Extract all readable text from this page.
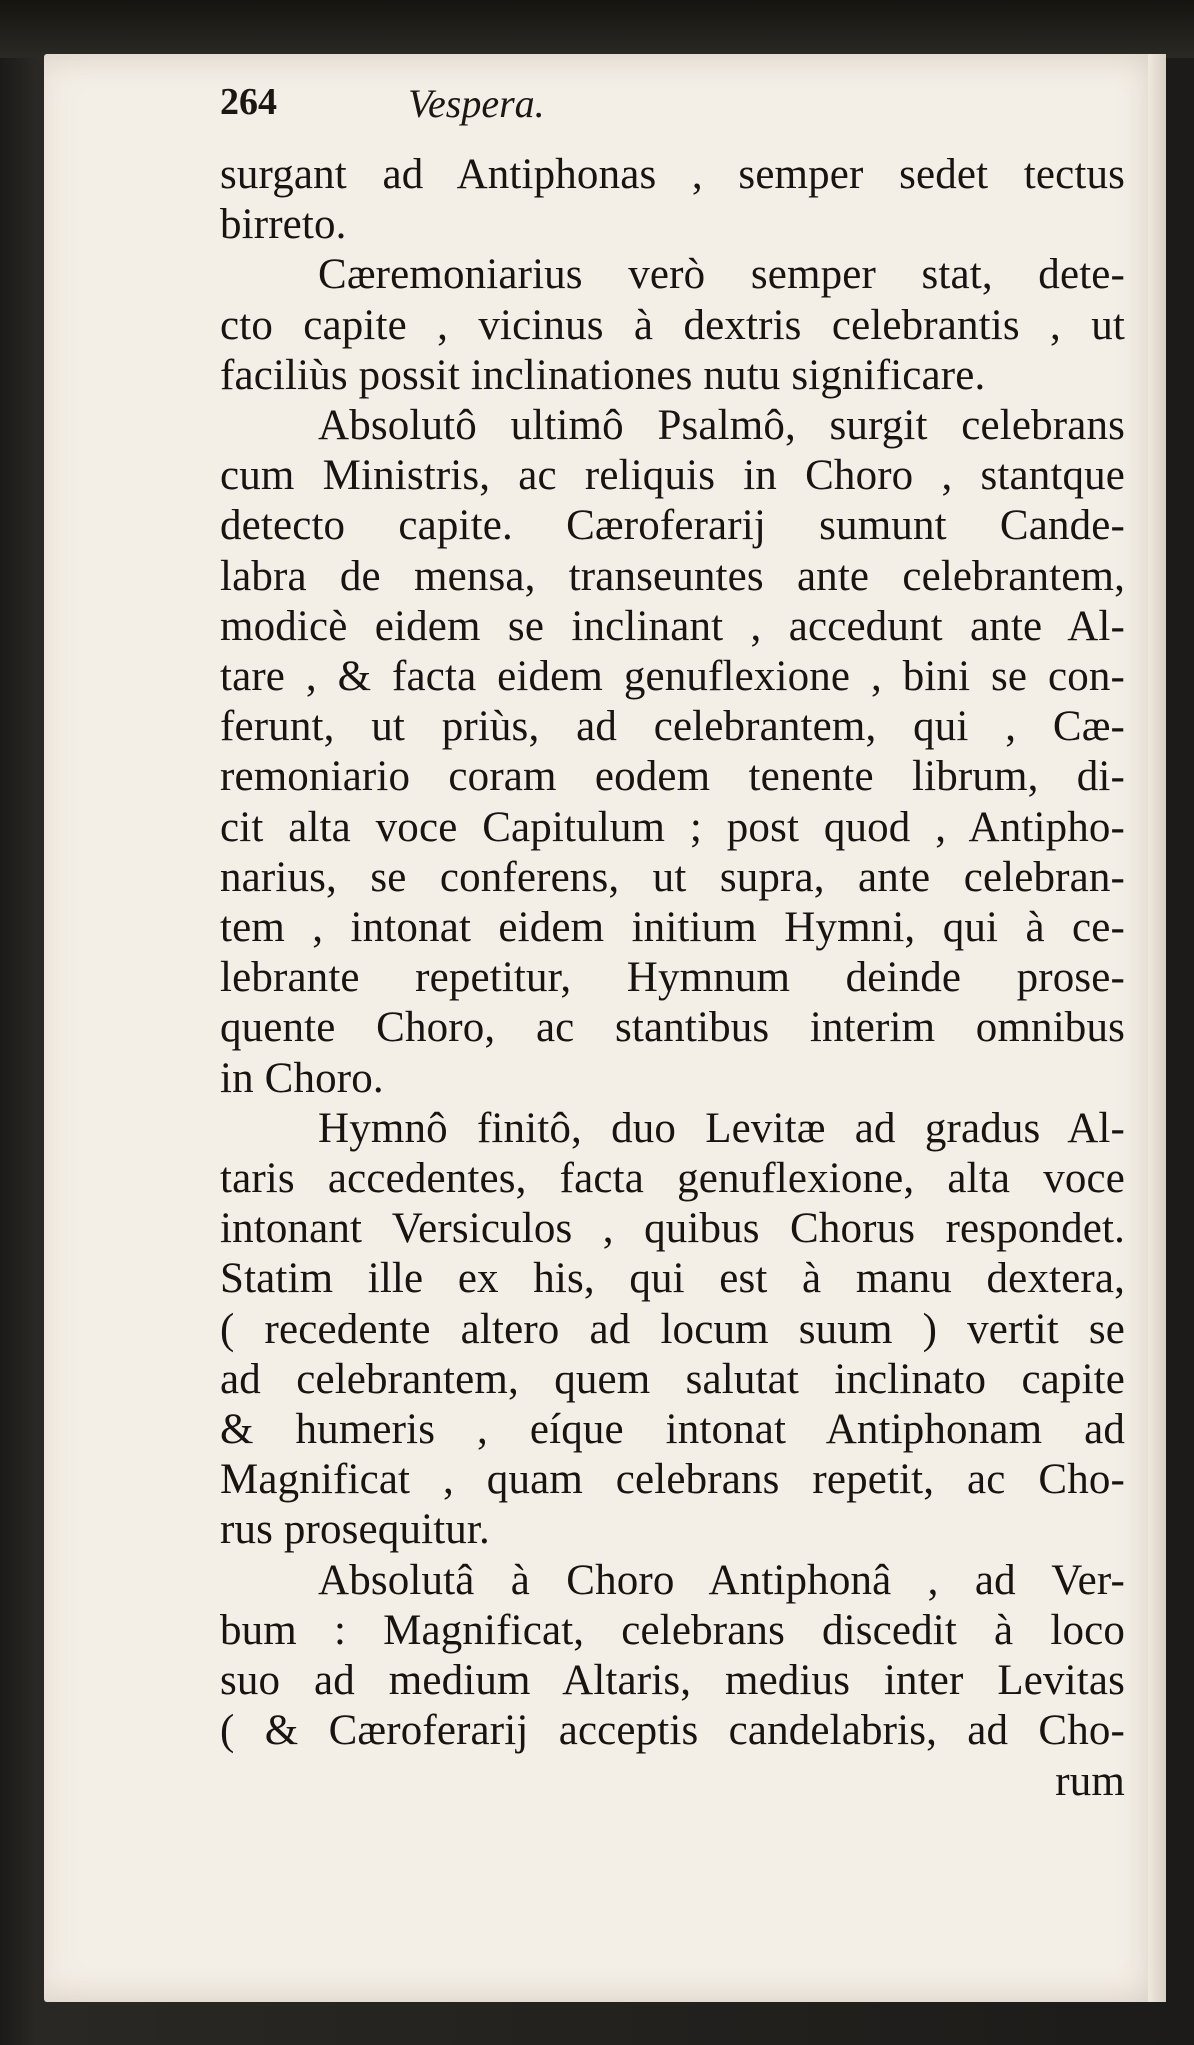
264	Vespera.
surgant ad Antiphonas , semper sedet tectus
birreto.
Cæremoniarius verò semper stat, dete-
cto capite , vicinus à dextris celebrantis , ut
faciliùs possit inclinationes nutu significare.
Absolutô ultimô Psalmô, surgit celebrans
cum Ministris, ac reliquis in Choro , stantque
detecto capite. Cæroferarij sumunt Cande-
labra de mensa, transeuntes ante celebrantem,
modicè eidem se inclinant , accedunt ante Al-
tare , & facta eidem genuflexione , bini se con-
ferunt, ut priùs, ad celebrantem, qui , Cæ-
remoniario coram eodem tenente librum, di-
cit alta voce Capitulum ; post quod , Antipho-
narius, se conferens, ut supra, ante celebran-
tem , intonat eidem initium Hymni, qui à ce-
lebrante repetitur, Hymnum deinde prose-
quente Choro, ac stantibus interim omnibus
in Choro.
Hymnô finitô, duo Levitæ ad gradus Al-
taris accedentes, facta genuflexione, alta voce
intonant Versiculos , quibus Chorus respondet.
Statim ille ex his, qui est à manu dextera,
( recedente altero ad locum suum ) vertit se
ad celebrantem, quem salutat inclinato capite
& humeris , eíque intonat Antiphonam ad
Magnificat , quam celebrans repetit, ac Cho-
rus prosequitur.
Absolutâ à Choro Antiphonâ , ad Ver-
bum : Magnificat, celebrans discedit à loco
suo ad medium Altaris, medius inter Levitas
( & Cæroferarij acceptis candelabris, ad Cho-
rum
